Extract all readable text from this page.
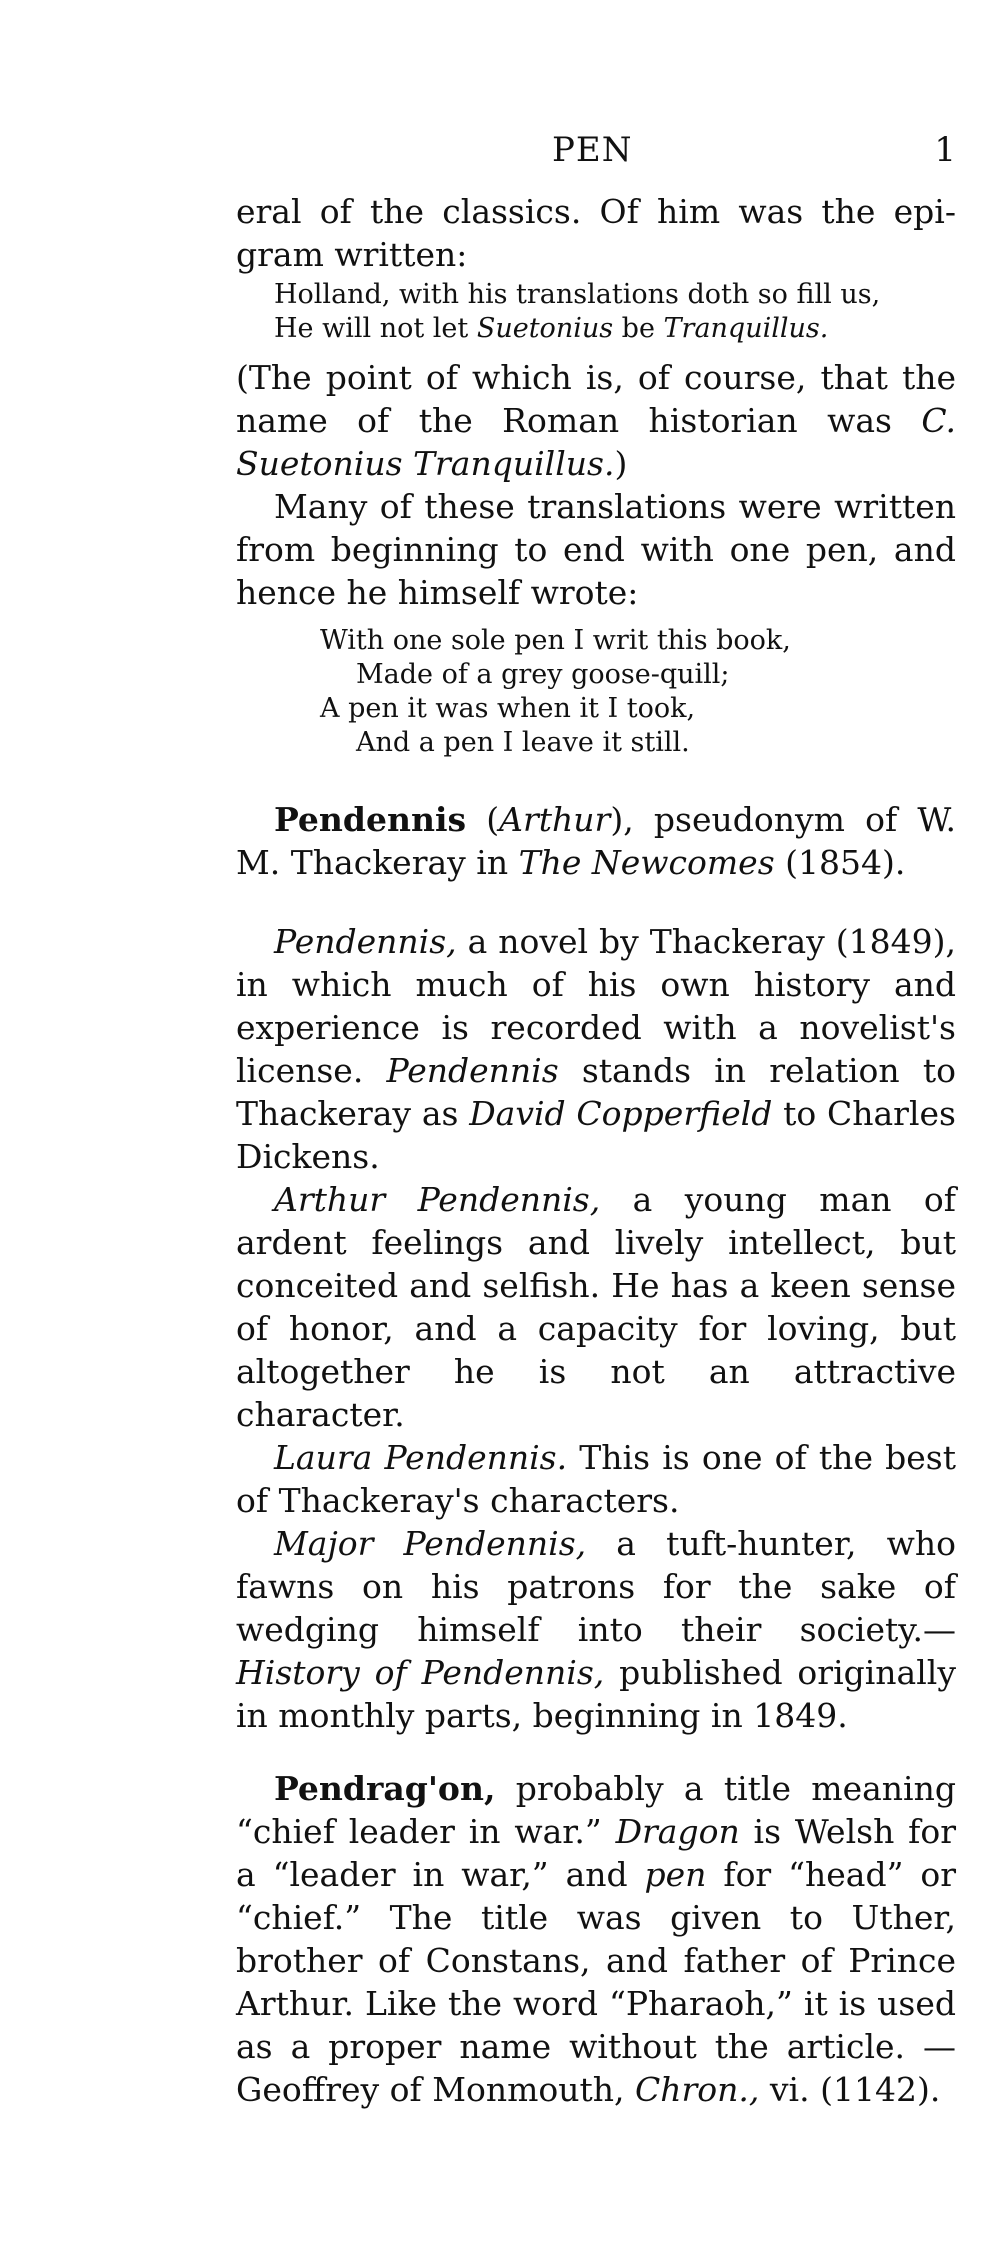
PEN	1

eral of the classics. Of him was the epi-gram written:

Holland, with his translations doth so fill us,
He will not let Suetonius be Tranquillus.

(The point of which is, of course, that the name of the Roman historian was C. Suetonius Tranquillus.)

Many of these translations were written from beginning to end with one pen, and hence he himself wrote:

With one sole pen I writ this book,
Made of a grey goose-quill;
A pen it was when it I took,
And a pen I leave it still.

Pendennis (Arthur), pseudonym of W. M. Thackeray in The Newcomes (1854).

Pendennis, a novel by Thackeray (1849), in which much of his own history and experience is recorded with a novelist's license. Pendennis stands in relation to Thackeray as David Copperfield to Charles Dickens.

Arthur Pendennis, a young man of ardent feelings and lively intellect, but conceited and selfish. He has a keen sense of honor, and a capacity for loving, but altogether he is not an attractive character.

Laura Pendennis. This is one of the best of Thackeray's characters.

Major Pendennis, a tuft-hunter, who fawns on his patrons for the sake of wedging himself into their society.—History of Pendennis, published originally in monthly parts, beginning in 1849.

Pendrag'on, probably a title meaning “chief leader in war.” Dragon is Welsh for a “leader in war,” and pen for “head” or “chief.” The title was given to Uther, brother of Constans, and father of Prince Arthur. Like the word “Pharaoh,” it is used as a proper name without the article. —Geoffrey of Monmouth, Chron., vi. (1142).
